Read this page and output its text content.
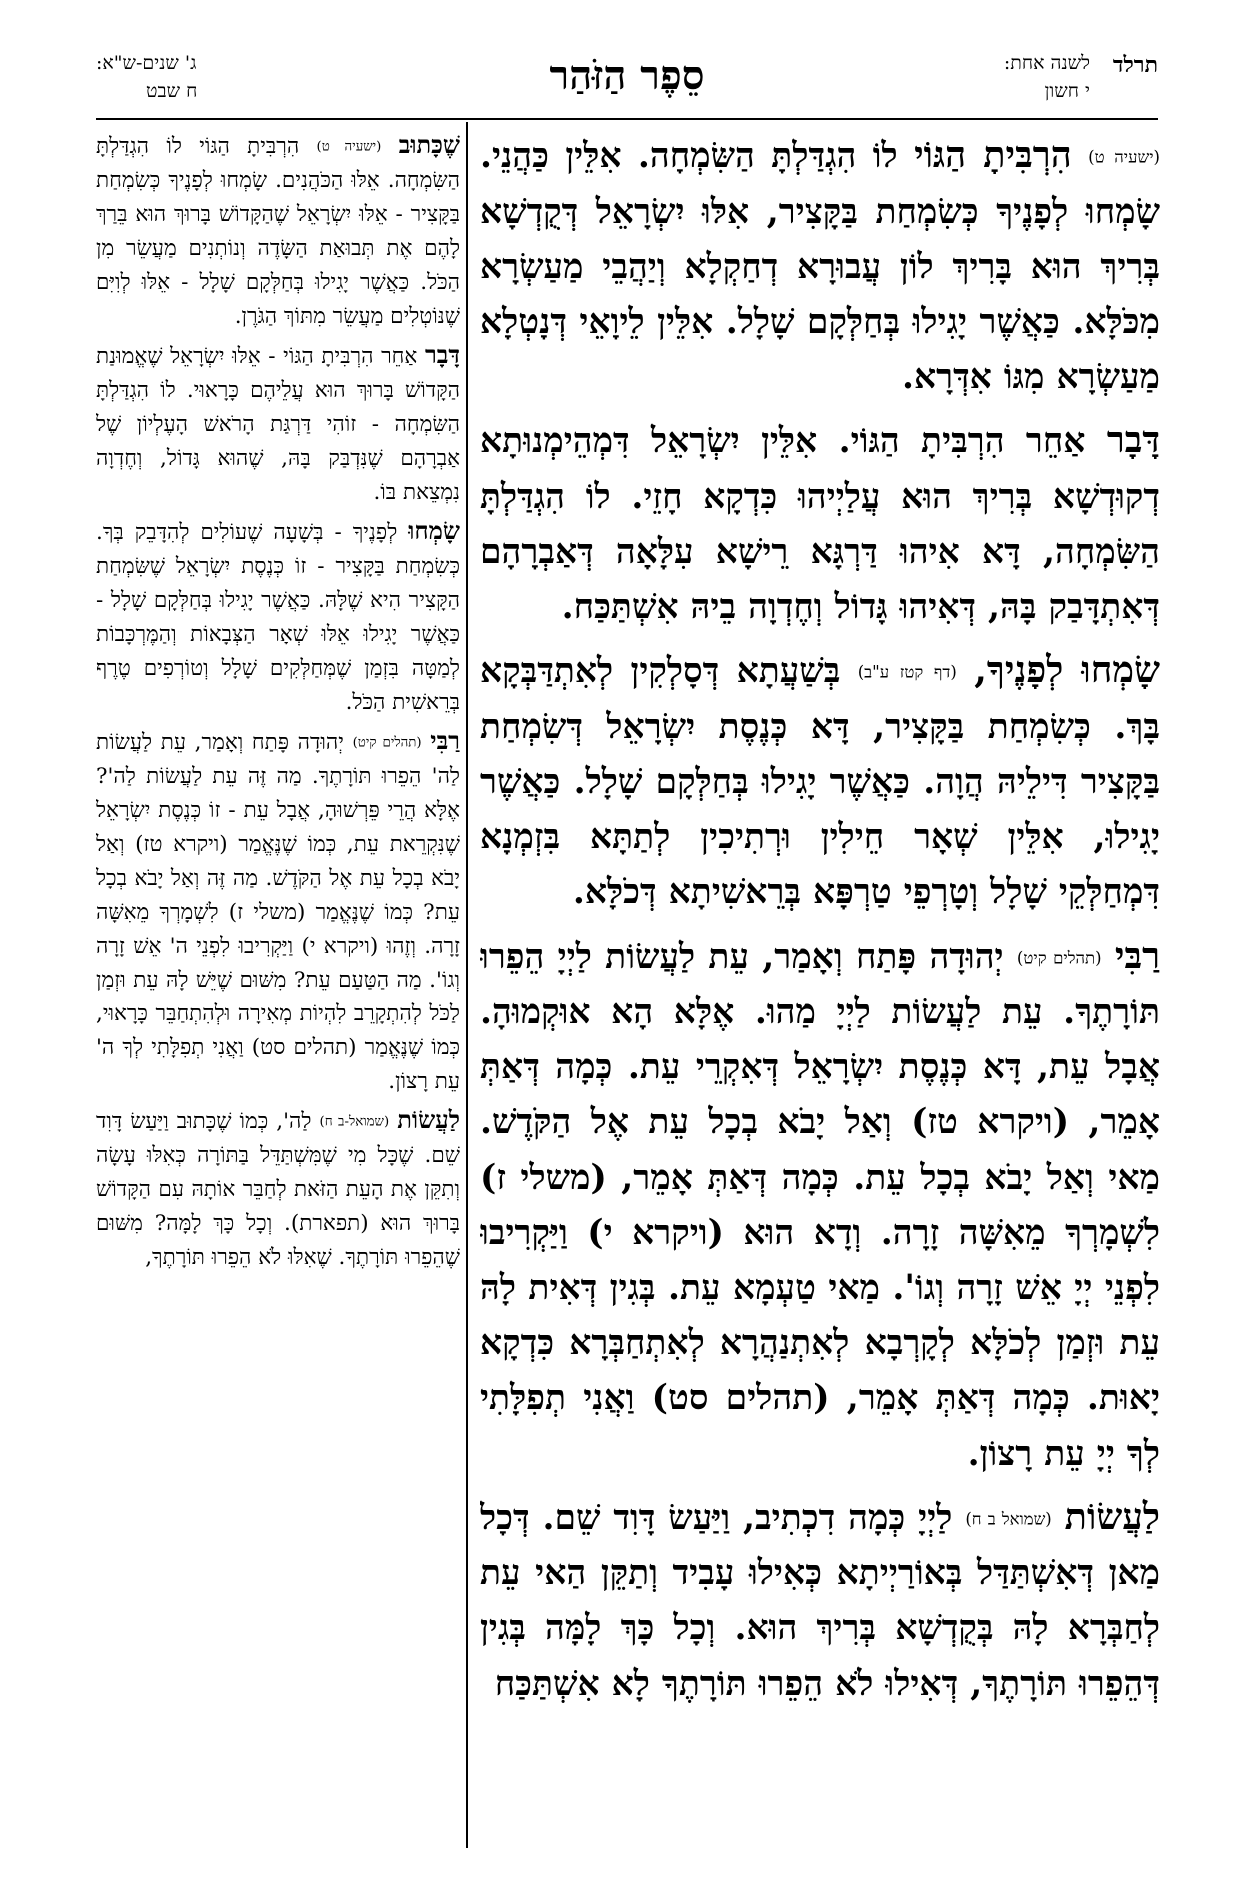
תרלד
לשנה אחת:
י חשון
סֵפֶר הַזֹּהַר
ג' שנים-ש"א:
ח שבט

(ישעיה ט) הִרְבִּיתָ הַגּוֹי לוֹ הִגְדַּלְתָּ הַשִּׂמְחָה. אִלֵּין כַּהֲנֵי. שָׂמְחוּ לְפָנֶיךָ כְּשִׂמְחַת בַּקָּצִיר, אִלּוּ יִשְׂרָאֵל דְּקֻדְשָׁא בְּרִיךְ הוּא בָּרִיךְ לוֹן עֲבוּרָא דְחַקְלָא וְיַהֲבֵי מַעַשְׂרָא מִכֹּלָּא. כַּאֲשֶׁר יָגִילוּ בְּחַלְּקָם שָׁלָל. אִלֵּין לֵיוָאֵי דְּנָטְלָא מַעַשְׂרָא מִגּוֹ אִדְּרָא.

דָּבָר אַחֵר הִרְבִּיתָ הַגּוֹי. אִלֵּין יִשְׂרָאֵל דִּמְהֵימְנוּתָא דְקוּדְשָׁא בְּרִיךְ הוּא עֲלַיְיהוּ כִּדְקָא חָזֵי. לוֹ הִגְדַּלְתָּ הַשִּׂמְחָה, דָּא אִיהוּ דַּרְגָּא רֵישָׁא עִלָּאָה דְּאַבְרָהָם דְּאִתְדָּבַק בָּהּ, דְּאִיהוּ גָּדוֹל וְחֶדְוָה בֵיהּ אִשְׁתַּכַּח.

שָׂמְחוּ לְפָנֶיךָ, (דף קטז ע"ב) בְּשַׁעֲתָא דְּסָלְקִין לְאִתְדַּבְּקָא בָּךְ. כְּשִׂמְחַת בַּקָּצִיר, דָּא כְּנֶסֶת יִשְׂרָאֵל דְּשִׂמְחַת בַּקָּצִיר דִּילֵיהּ הֲוָה. כַּאֲשֶׁר יָגִילוּ בְּחַלְּקָם שָׁלָל. כַּאֲשֶׁר יָגִילוּ, אִלֵּין שְׁאָר חֵילִין וּרְתִיכִין לְתַתָּא בִּזְמְנָא דִּמְחַלְּקֵי שָׁלָל וְטָרְפֵי טַרְפָּא בְּרֵאשִׁיתָא דְּכֹלָּא.

רַבִּי (תהלים קיט) יְהוּדָה פָּתַח וְאָמַר, עֵת לַעֲשׂוֹת לַיְיָ הֵפֵרוּ תּוֹרָתֶךָ. עֵת לַעֲשׂוֹת לַיְיָ מַהוּ. אֶלָּא הָא אוּקְמוּהָ. אֲבָל עֵת, דָּא כְּנֶסֶת יִשְׂרָאֵל דְּאִקְרֵי עֵת. כְּמָה דְּאַתְּ אָמֵר, (ויקרא טז) וְאַל יָבֹא בְכָל עֵת אֶל הַקֹּדֶשׁ. מַאי וְאַל יָבֹא בְכָל עֵת. כְּמָה דְּאַתְּ אָמֵר, (משלי ז) לִשְׁמָרְךָ מֵאִשָּׁה זָרָה. וְדָא הוּא (ויקרא י) וַיַּקְרִיבוּ לִפְנֵי יְיָ אֵשׁ זָרָה וְגוֹ'. מַאי טַעְמָא עֵת. בְּגִין דְּאִית לָהּ עֵת וּזְמַן לְכֹלָּא לְקָרְבָא לְאִתְנַהֲרָא לְאִתְחַבְּרָא כִּדְקָא יָאוּת. כְּמָה דְּאַתְּ אָמֵר, (תהלים סט) וַאֲנִי תְפִלָּתִי לְךָ יְיָ עֵת רָצוֹן.

לַעֲשׂוֹת (שמואל ב ח) לַיְיָ כְּמָה דִכְתִיב, וַיַּעַשׂ דָּוִד שֵׁם. דְּכָל מַאן דְּאִשְׁתַּדַּל בְּאוֹרַיְיתָא כְּאִילוּ עָבִיד וְתַקֵּן הַאי עֵת לְחַבְּרָא לָהּ בְּקֻדְשָׁא בְּרִיךְ הוּא. וְכָל כָּךְ לָמָּה בְּגִין דְּהֵפֵרוּ תּוֹרָתֶךָ, דְּאִילוּ לֹא הֵפֵרוּ תּוֹרָתֶךָ לָא אִשְׁתַּכַּח

שֶׁכָּתוּב (ישעיה ט) הִרְבִּיתָ הַגּוֹי לוֹ הִגְדַּלְתָּ הַשִּׂמְחָה. אֵלּוּ הַכֹּהֲנִים. שָׂמְחוּ לְפָנֶיךָ כְּשִׂמְחַת בַּקָּצִיר - אֵלּוּ יִשְׂרָאֵל שֶׁהַקָּדוֹשׁ בָּרוּךְ הוּא בֵּרַךְ לָהֶם אֶת תְּבוּאַת הַשָּׂדֶה וְנוֹתְנִים מַעֲשֵׂר מִן הַכֹּל. כַּאֲשֶׁר יָגִילוּ בְּחַלְּקָם שָׁלָל - אֵלּוּ לְוִיִּם שֶׁנּוֹטְלִים מַעֲשֵׂר מִתּוֹךְ הַגֹּרֶן.

דָּבָר אַחֵר הִרְבִּיתָ הַגּוֹי - אֵלּוּ יִשְׂרָאֵל שֶׁאֱמוּנַת הַקָּדוֹשׁ בָּרוּךְ הוּא עֲלֵיהֶם כָּרָאוּי. לוֹ הִגְדַּלְתָּ הַשִּׂמְחָה - זוֹהִי דַּרְגַּת הָרֹאשׁ הָעֶלְיוֹן שֶׁל אַבְרָהָם שֶׁנִּדְבַּק בָּהּ, שֶׁהוּא גָּדוֹל, וְחֶדְוָה נִמְצֵאת בּוֹ.

שָׂמְחוּ לְפָנֶיךָ - בְּשָׁעָה שֶׁעוֹלִים לְהִדָּבֵק בְּךָ. כְּשִׂמְחַת בַּקָּצִיר - זוֹ כְּנֶסֶת יִשְׂרָאֵל שֶׁשִּׂמְחַת הַקָּצִיר הִיא שֶׁלָּהּ. כַּאֲשֶׁר יָגִילוּ בְּחַלְּקָם שָׁלָל - כַּאֲשֶׁר יָגִילוּ אֵלּוּ שְׁאָר הַצְּבָאוֹת וְהַמֶּרְכָּבוֹת לְמַטָּה בִּזְמַן שֶׁמְּחַלְּקִים שָׁלָל וְטוֹרְפִים טֶרֶף בְּרֵאשִׁית הַכֹּל.

רַבִּי (תהלים קיט) יְהוּדָה פָּתַח וְאָמַר, עֵת לַעֲשׂוֹת לַה' הֵפֵרוּ תּוֹרָתֶךָ. מַה זֶּה עֵת לַעֲשׂוֹת לַה'? אֶלָּא הֲרֵי פֵּרְשׁוּהָ, אֲבָל עֵת - זוֹ כְּנֶסֶת יִשְׂרָאֵל שֶׁנִּקְרֵאת עֵת, כְּמוֹ שֶׁנֶּאֱמַר (ויקרא טז) וְאַל יָבֹא בְכָל עֵת אֶל הַקֹּדֶשׁ. מַה זֶּה וְאַל יָבֹא בְכָל עֵת? כְּמוֹ שֶׁנֶּאֱמַר (משלי ז) לִשְׁמָרְךָ מֵאִשָּׁה זָרָה. וְזֶהוּ (ויקרא י) וַיַּקְרִיבוּ לִפְנֵי ה' אֵשׁ זָרָה וְגוֹ'. מַה הַטַּעַם עֵת? מִשּׁוּם שֶׁיֵּשׁ לָהּ עֵת וּזְמַן לַכֹּל לְהִתְקָרֵב לִהְיוֹת מְאִירָה וּלְהִתְחַבֵּר כָּרָאוּי, כְּמוֹ שֶׁנֶּאֱמַר (תהלים סט) וַאֲנִי תְפִלָּתִי לְךָ ה' עֵת רָצוֹן.

לַעֲשׂוֹת (שמואל-ב ח) לַה', כְּמוֹ שֶׁכָּתוּב וַיַּעַשׂ דָּוִד שֵׁם. שֶׁכָּל מִי שֶׁמִּשְׁתַּדֵּל בַּתּוֹרָה כְּאִלּוּ עָשָׂה וְתִקֵּן אֶת הָעֵת הַזֹּאת לְחַבֵּר אוֹתָהּ עִם הַקָּדוֹשׁ בָּרוּךְ הוּא (תפארת). וְכָל כָּךְ לָמָּה? מִשּׁוּם שֶׁהֵפֵרוּ תּוֹרָתֶךָ. שֶׁאִלּוּ לֹא הֵפֵרוּ תּוֹרָתֶךָ,
